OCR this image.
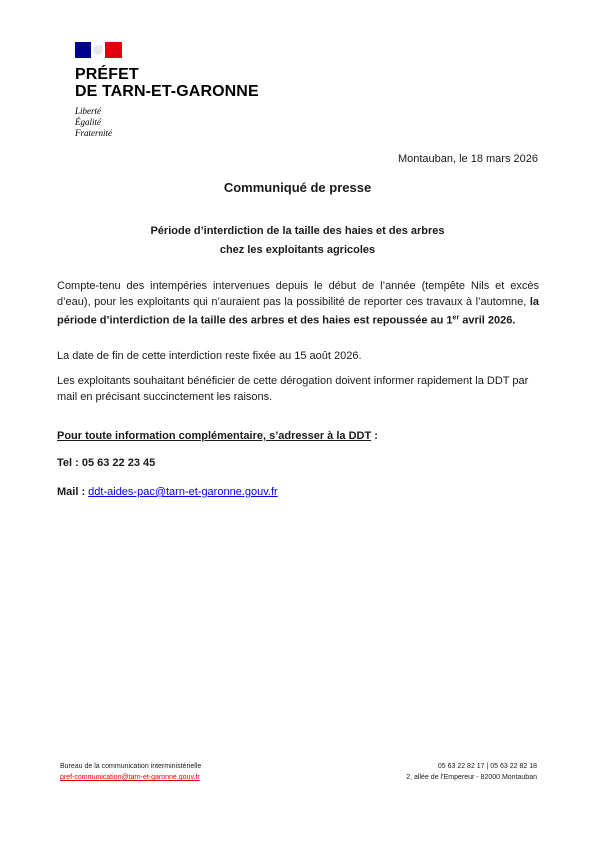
PRÉFET
DE TARN-ET-GARONNE
Liberté
Égalité
Fraternité
Montauban, le 18 mars 2026
Communiqué de presse
Période d’interdiction de la taille des haies et des arbres
chez les exploitants agricoles
Compte-tenu des intempéries intervenues depuis le début de l’année (tempête Nils et excès d’eau), pour les exploitants qui n’auraient pas la possibilité de reporter ces travaux à l’automne, la période d’interdiction de la taille des arbres et des haies est repoussée au 1er avril 2026.
La date de fin de cette interdiction reste fixée au 15 août 2026.
Les exploitants souhaitant bénéficier de cette dérogation doivent informer rapidement la DDT par mail en précisant succinctement les raisons.
Pour toute information complémentaire, s’adresser à la DDT :
Tel : 05 63 22 23 45
Mail : ddt-aides-pac@tarn-et-garonne.gouv.fr
Bureau de la communication interministérielle
pref-communication@tarn-et-garonne.gouv.fr
05 63 22 82 17 | 05 63 22 82 18
2, allée de l’Empereur - 82000 Montauban
